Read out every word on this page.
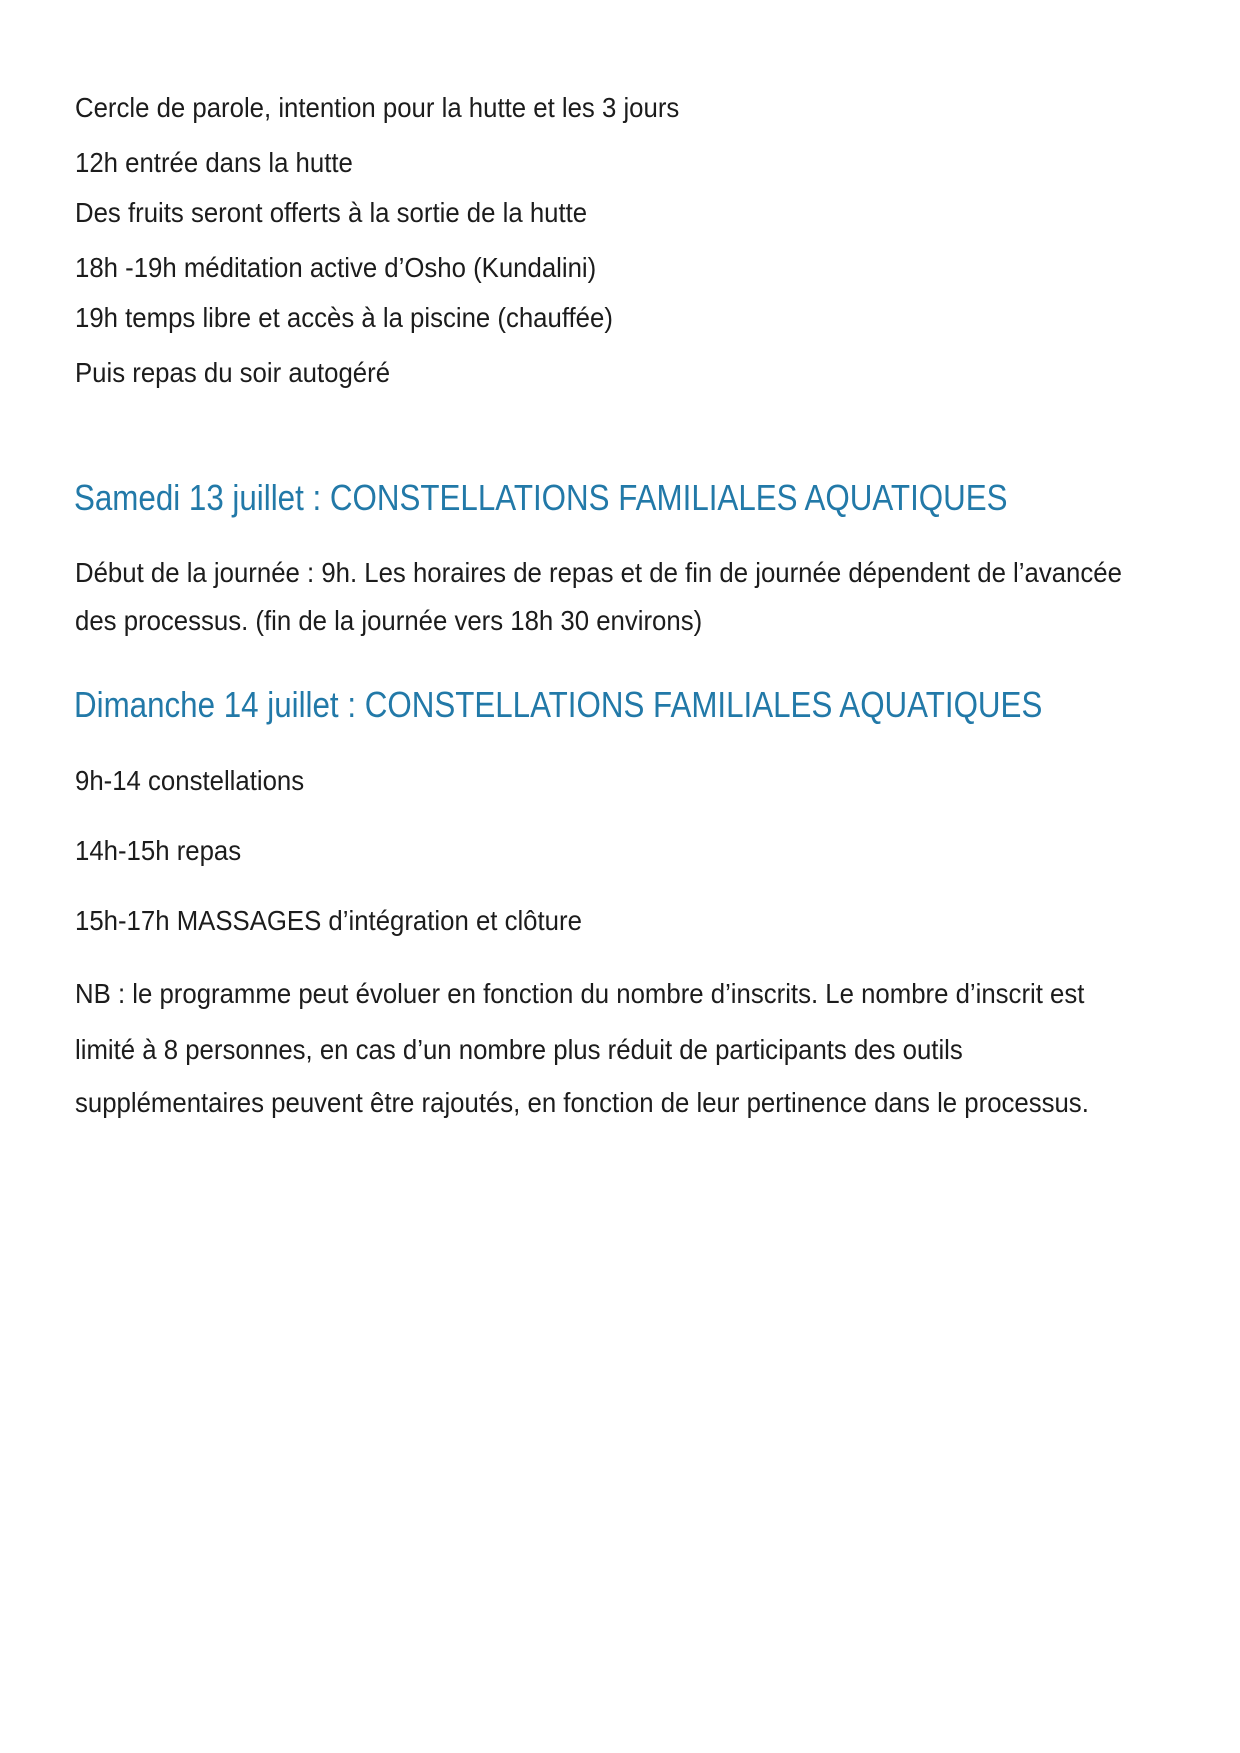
Cercle de parole, intention pour la hutte et les 3 jours
12h entrée dans la hutte
Des fruits seront offerts à la sortie de la hutte
18h -19h méditation active d’Osho (Kundalini)
19h temps libre et accès à la piscine (chauffée)
Puis repas du soir autogéré
Samedi 13 juillet : CONSTELLATIONS FAMILIALES AQUATIQUES
Début de la journée : 9h. Les horaires de repas et de fin de journée dépendent de l’avancée
des processus. (fin de la journée vers 18h 30 environs)
Dimanche 14 juillet : CONSTELLATIONS FAMILIALES AQUATIQUES
9h-14 constellations
14h-15h repas
15h-17h MASSAGES d’intégration et clôture
NB : le programme peut évoluer en fonction du nombre d’inscrits. Le nombre d’inscrit est
limité à 8 personnes, en cas d’un nombre plus réduit de participants des outils
supplémentaires peuvent être rajoutés, en fonction de leur pertinence dans le processus.
